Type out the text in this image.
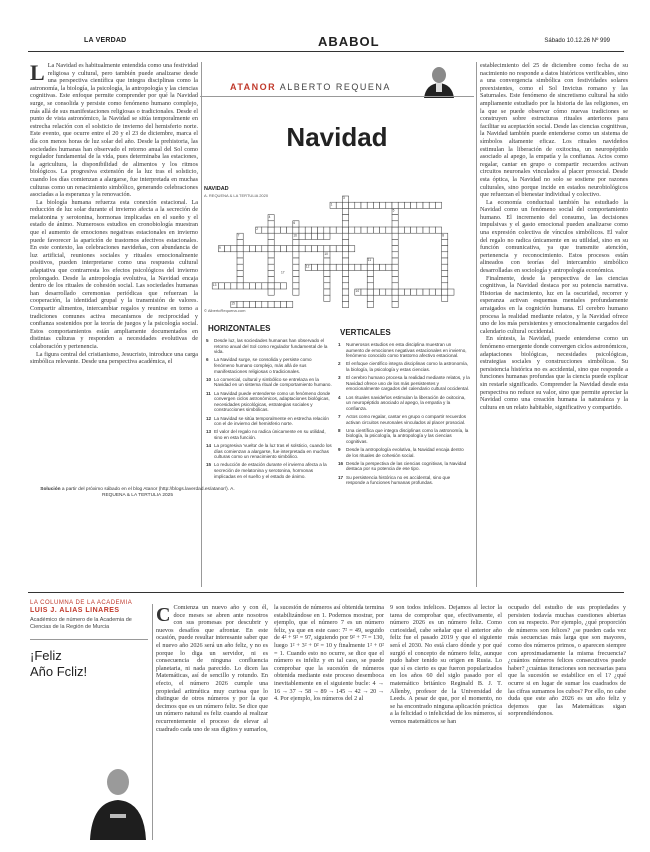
LA VERDAD	ABABOL	Sábado 10.12.26 Nº 999

L La Navidad es habitualmente entendida como una festividad religiosa y cultural, pero también puede analizarse desde una perspectiva científica que integra disciplinas como la astronomía, la biología, la psicología, la antropología y las ciencias cognitivas. Este enfoque permite comprender por qué la Navidad surge, se consolida y persiste como fenómeno humano complejo, más allá de sus manifestaciones religiosas o tradicionales. Desde el punto de vista astronómico, la Navidad se sitúa temporalmente en estrecha relación con el solsticio de invierno del hemisferio norte. Este evento, que ocurre entre el 20 y el 23 de diciembre, marca el día con menos horas de luz solar del año. Desde la prehistoria, las sociedades humanas han observado el retorno anual del Sol como regulador fundamental de la vida, pues determinaba las estaciones, la agricultura, la disponibilidad de alimentos y los ritmos biológicos. La progresiva extensión de la luz tras el solsticio, cuando los días comienzan a alargarse, fue interpretada en muchas culturas como un renacimiento simbólico, generando celebraciones asociadas a la esperanza y la renovación.

La biología humana refuerza esta conexión estacional. La reducción de luz solar durante el invierno afecta a la secreción de melatonina y serotonina, hormonas implicadas en el sueño y el estado de ánimo. Numerosos estudios en cronobiología muestran que el aumento de emociones negativas estacionales en invierno puede favorecer la aparición de trastornos afectivos estacionales. En este contexto, las celebraciones navideñas, con abundancia de luz artificial, reuniones sociales y rituales emocionalmente positivos, pueden interpretarse como una respuesta cultural adaptativa que contrarresta los efectos psicológicos del invierno prolongado. Desde la antropología evolutiva, la Navidad encaja dentro de los rituales de cohesión social. Las sociedades humanas han desarrollado ceremonias periódicas que refuerzan la cooperación, la identidad grupal y la transmisión de valores. Compartir alimentos, intercambiar regalos y reunirse en torno a tradiciones comunes activa mecanismos de reciprocidad y confianza sostenidos por la teoría de juegos y la psicología social. Estos comportamientos están ampliamente documentados en distintas culturas y responden a necesidades evolutivas de colaboración y pertenencia.

La figura central del cristianismo, Jesucristo, introduce una carga simbólica relevante. Desde una perspectiva académica, el

establecimiento del 25 de diciembre como fecha de su nacimiento no responde a datos históricos verificables, sino a una convergencia simbólica con festividades solares preexistentes, como el Sol Invictus romano y las Saturnales. Este fenómeno de sincretismo cultural ha sido ampliamente estudiado por la historia de las religiones, en la que se puede observar cómo nuevas tradiciones se construyen sobre estructuras rituales anteriores para facilitar su aceptación social. Desde las ciencias cognitivas, la Navidad también puede entenderse como un sistema de símbolos altamente eficaz. Los rituales navideños estimulan la liberación de oxitocina, un neuropéptido asociado al apego, la empatía y la confianza. Actos como regalar, cantar en grupo o compartir recuerdos activan circuitos neuronales vinculados al placer prosocial. Desde esta óptica, la Navidad no solo se sostiene por razones culturales, sino porque incide en estados neurobiológicos que refuerzan el bienestar individual y colectivo.

La economía conductual también ha estudiado la Navidad como un fenómeno social del comportamiento humano. El incremento del consumo, las decisiones impulsivas y el gasto emocional pueden analizarse como una expresión colectiva de vínculos simbólicos. El valor del regalo no radica únicamente en su utilidad, sino en su función comunicativa, ya que transmite atención, pertenencia y reconocimiento. Estos procesos están alineados con teorías del intercambio simbólico desarrolladas en sociología y antropología económica.

Finalmente, desde la perspectiva de las ciencias cognitivas, la Navidad destaca por su potencia narrativa. Historias de nacimiento, luz en la oscuridad, recorrer y esperanza activan esquemas mentales profundamente arraigados en la cognición humana. El cerebro humano procesa la realidad mediante relatos, y la Navidad ofrece uno de los más persistentes y emocionalmente cargados del calendario cultural occidental.

En síntesis, la Navidad, puede entenderse como un fenómeno emergente donde convergen ciclos astronómicos, adaptaciones biológicas, necesidades psicológicas, estrategias sociales y construcciones simbólicas. Su persistencia histórica no es accidental, sino que responde a funciones humanas profundas que la ciencia puede explicar sin restarle significado. Comprender la Navidad desde esta perspectiva no reduce su valor, sino que permite apreciar la Navidad como una creación humana la naturaleza y la cultura en un relato habitable, significativo y compartido.

ATANOR ALBERTO REQUENA
Navidad
NAVIDAD
A. REQUENA & LA TERTULIA 2020
1
2
3
4
5
6
7	8
9
10
11
12
13
14
15
16
17
© AlbertoRequena.com
HORIZONTALES
5 Desde luz, las sociedades humanas han observado el retorno anual del Sol como regulador fundamental de la vida.
6 La Navidad surge, se consolida y persiste como fenómeno humano complejo, más allá de sus manifestaciones religiosas o tradicionales.
10 Lo comercial, cultural y simbólico se entrelaza en la Navidad en un sistema ritual de comportamiento humano.
11 La Navidad puede entenderse como un fenómeno donde convergen ciclos astronómicos, adaptaciones biológicas, necesidades psicológicas, estrategias sociales y construcciones simbólicas.
12 La Navidad se sitúa temporalmente en estrecha relación con el de invierno del hemisferio norte.
13 El valor del regalo no radica únicamente en su utilidad, sino en esta función.
14 La progresiva 'vuelta' de la luz tras el solsticio, cuando los días comienzan a alargarse, fue interpretada en muchas culturas como un renacimiento simbólico.
15 Lo reducción de estación durante el invierno afecta a la secreción de melatonina y serotonina, hormonas implicadas en el sueño y el estado de ánimo.
VERTICALES
1 Numerosos estudios en esta disciplina muestran un aumento de emociones negativas estacionales en invierno, fenómeno conocido como trastorno afectivo estacional.
2 El enfoque científico integra disciplinas como la astronomía, la biología, la psicología y estas ciencias.
3 El cerebro humano procesa la realidad mediante relatos, y la Navidad ofrece uno de los más persistentes y emocionalmente cargados del calendario cultural occidental.
4 Los rituales navideños estimulan la liberación de oxitocina, un neuropéptido asociado al apego, la empatía y la confianza.
7 Actos como regalar, cantar en grupo o compartir recuerdos activan circuitos neuronales vinculados al placer prosocial.
8 Una científica que integra disciplinas como la astronomía, la biología, la psicología, la antropología y las ciencias cognitivas.
9 Desde la antropología evolutiva, la Navidad encaja dentro de los rituales de cohesión social.
16 Desde la perspectiva de las ciencias cognitivas, la Navidad destaca por su potencia de ese tipo.
17 Su persistencia histórica no es accidental, sino que responde a funciones humanas profundas.
Solución a partir del próximo sábado en el blog Atanor (http://blogs.laverdad.es/atanor/). A. REQUENA & LA TERTULIA 2025
LA COLUMNA DE LA ACADEMIA
LUIS J. ALIAS LINARES
Académico de número de la Academia de Ciencias de la Región de Murcia
¡Feliz
Año Fcliz!
C Comienza un nuevo año y con él, doce meses se abren ante nosotros con sus promesas por descubrir y nuevos desafíos que afrontar. En este ocasión, puede resultar interesante saber que el nuevo año 2026 será un año feliz, y no es porque lo diga un servidor, ni es consecuencia de ninguna confluencia planetaria, ni nada parecido. Lo dicen las Matemáticas, así de sencillo y rotundo. En efecto, el número 2026 cumple una propiedad aritmética muy curiosa que lo distingue de otros números y por la que decimos que es un número feliz. Se dice que un número natural es feliz cuando al realizar recurrentemente el proceso de elevar al cuadrado cada uno de sus dígitos y sumarlos,
la sucesión de números así obtenida termina estabilizándose en 1. Podemos mostrar, por ejemplo, que el número 7 es un número feliz, ya que en este caso: 7² = 49, seguido de 4² + 9² = 97, siguiendo por 9² + 7² = 130, luego 1² + 3² + 0² = 10 y finalmente 1² + 0² = 1. Cuando esto no ocurre, se dice que el número es infeliz y en tal caso, se puede comprobar que la sucesión de números obtenida mediante este proceso desemboca inevitablemente en el siguiente bucle: 4 → 16 → 37 → 58 → 89 → 145 → 42 → 20 → 4. Por ejemplo, los números del 2 al
9 son todos infelices. Dejamos al lector la tarea de comprobar que, efectivamente, el número 2026 es un número feliz. Como curiosidad, cabe señalar que el anterior año feliz fue el pasado 2019 y que el siguiente será el 2030. No está claro dónde y por qué surgió el concepto de número feliz, aunque pudo haber tenido su origen en Rusia. Lo que sí es cierto es que fueron popularizados en los años 60 del siglo pasado por el matemático británico Reginald B. J. T. Allenby, profesor de la Universidad de Leeds. A pesar de que, por el momento, no se ha encontrado ninguna aplicación práctica a la felicidad o infelicidad de los números, sí vemos matemáticos se han
ocupado del estudio de sus propiedades y persisten todavía muchas cuestiones abiertas con su respecto. Por ejemplo, ¿qué proporción de números son felices? ¿se pueden cada vez más secuencias más larga que son mayores, como dos números primos, o aparecen siempre con aproximadamente la misma frecuencia? ¿cuántos números felices consecutivos puede haber? ¿cuántas iteraciones son necesarias para que la sucesión se estabilice en el 1? ¿qué ocurre si en lugar de sumar los cuadrados de las cifras sumamos los cubos? Por ello, no cabe duda que este año 2026 es un año feliz y dejemos que las Matemáticas sigan sorprendiéndonos.
